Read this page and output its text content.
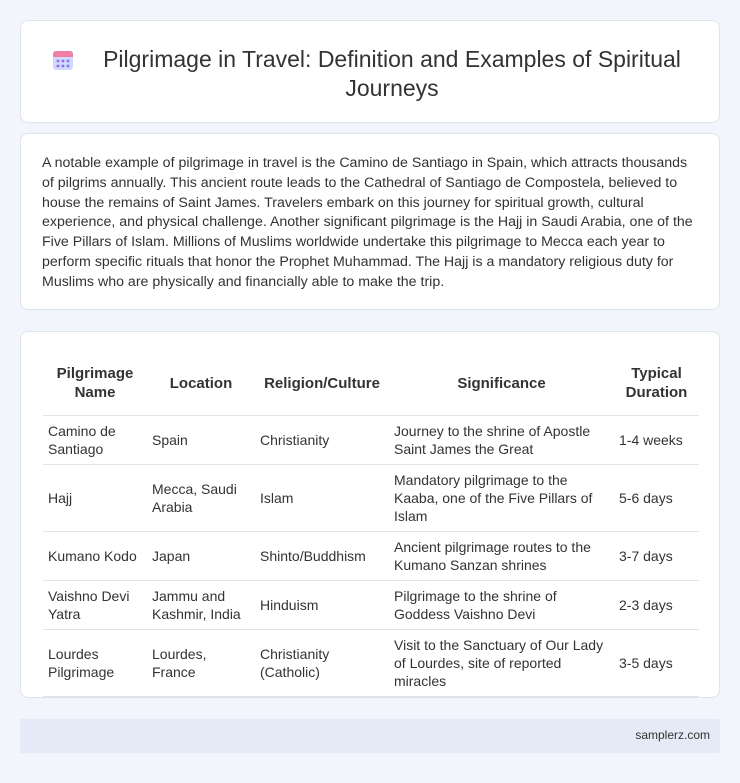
Pilgrimage in Travel: Definition and Examples of Spiritual Journeys

A notable example of pilgrimage in travel is the Camino de Santiago in Spain, which attracts thousands of pilgrims annually. This ancient route leads to the Cathedral of Santiago de Compostela, believed to house the remains of Saint James. Travelers embark on this journey for spiritual growth, cultural experience, and physical challenge. Another significant pilgrimage is the Hajj in Saudi Arabia, one of the Five Pillars of Islam. Millions of Muslims worldwide undertake this pilgrimage to Mecca each year to perform specific rituals that honor the Prophet Muhammad. The Hajj is a mandatory religious duty for Muslims who are physically and financially able to make the trip.

Pilgrimage Name	Location	Religion/Culture	Significance	Typical Duration
Camino de Santiago	Spain	Christianity	Journey to the shrine of Apostle Saint James the Great	1-4 weeks
Hajj	Mecca, Saudi Arabia	Islam	Mandatory pilgrimage to the Kaaba, one of the Five Pillars of Islam	5-6 days
Kumano Kodo	Japan	Shinto/Buddhism	Ancient pilgrimage routes to the Kumano Sanzan shrines	3-7 days
Vaishno Devi Yatra	Jammu and Kashmir, India	Hinduism	Pilgrimage to the shrine of Goddess Vaishno Devi	2-3 days
Lourdes Pilgrimage	Lourdes, France	Christianity (Catholic)	Visit to the Sanctuary of Our Lady of Lourdes, site of reported miracles	3-5 days
samplerz.com
